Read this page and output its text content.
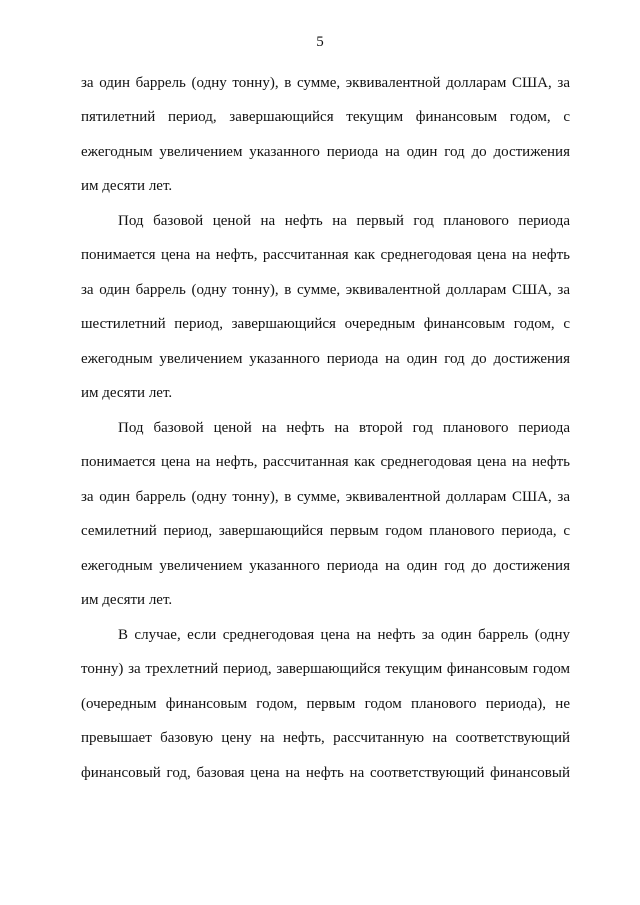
5
за один баррель (одну тонну), в сумме, эквивалентной долларам США, за
пятилетний период, завершающийся текущим финансовым годом, с
ежегодным увеличением указанного периода на один год до достижения
им десяти лет.
Под базовой ценой на нефть на первый год планового периода
понимается цена на нефть, рассчитанная как среднегодовая цена на нефть
за один баррель (одну тонну), в сумме, эквивалентной долларам США, за
шестилетний период, завершающийся очередным финансовым годом, с
ежегодным увеличением указанного периода на один год до достижения
им десяти лет.
Под базовой ценой на нефть на второй год планового периода
понимается цена на нефть, рассчитанная как среднегодовая цена на нефть
за один баррель (одну тонну), в сумме, эквивалентной долларам США, за
семилетний период, завершающийся первым годом планового периода, с
ежегодным увеличением указанного периода на один год до достижения
им десяти лет.
В случае, если среднегодовая цена на нефть за один баррель (одну
тонну) за трехлетний период, завершающийся текущим финансовым годом
(очередным финансовым годом, первым годом планового периода), не
превышает базовую цену на нефть, рассчитанную на соответствующий
финансовый год, базовая цена на нефть на соответствующий финансовый
